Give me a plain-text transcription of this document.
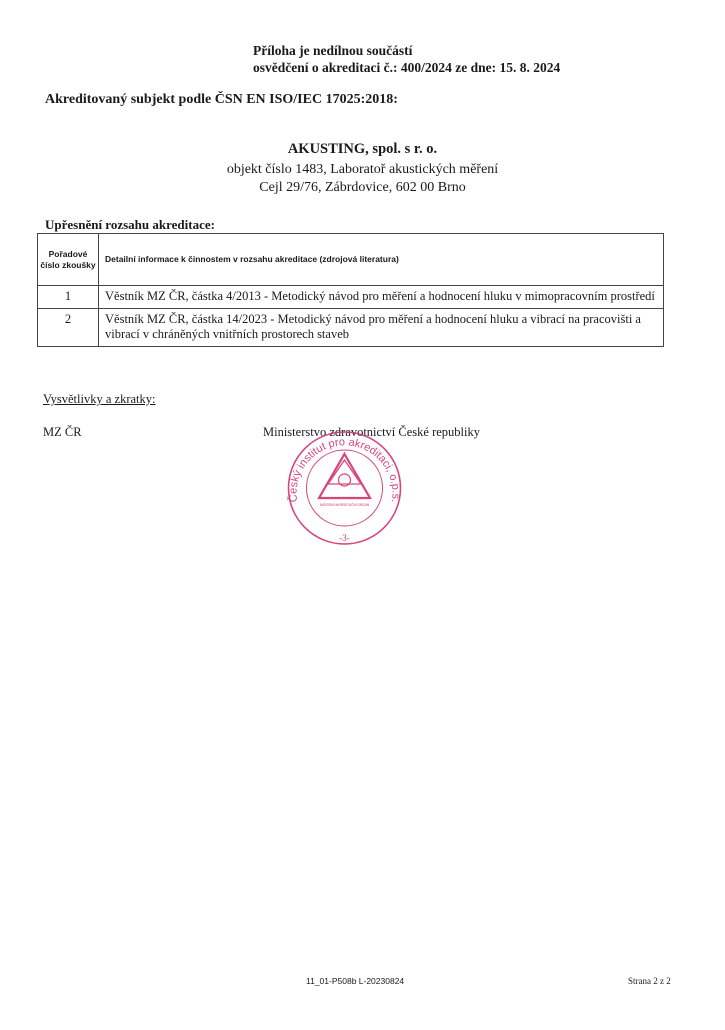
Příloha je nedílnou součástí
osvědčení o akreditaci č.: 400/2024 ze dne: 15. 8. 2024
Akreditovaný subjekt podle ČSN EN ISO/IEC 17025:2018:
AKUSTING, spol. s r. o.
objekt číslo 1483, Laboratoř akustických měření
Cejl 29/76, Zábrdovice, 602 00 Brno
Upřesnění rozsahu akreditace:
Pořadové číslo zkoušky	Detailní informace k činnostem v rozsahu akreditace (zdrojová literatura)
1	Věstník MZ ČR, částka 4/2013 - Metodický návod pro měření a hodnocení hluku v mimopracovním prostředí
2	Věstník MZ ČR, částka 14/2023 - Metodický návod pro měření a hodnocení hluku a vibrací na pracovišti a vibrací v chráněných vnitřních prostorech staveb
Vysvětlivky a zkratky:
MZ ČR	Ministerstvo zdravotnictví České republiky
Český institut pro akreditaci, o.p.s.
NÁRODNÍ AKREDITAČNÍ ORGÁN
-3-
11_01-P508b L-20230824	Strana 2 z 2
